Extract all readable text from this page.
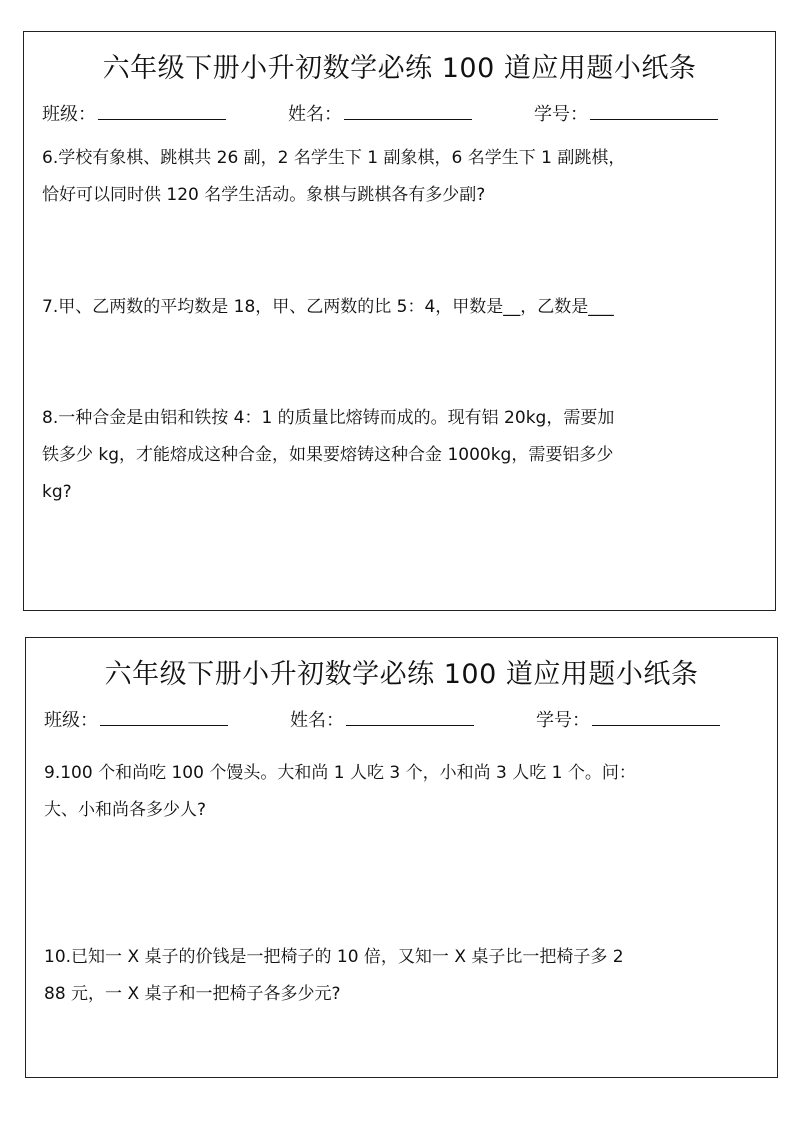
六年级下册小升初数学必练 100 道应用题小纸条
班级：	姓名：	学号：
6.学校有象棋、跳棋共 26 副，2 名学生下 1 副象棋，6 名学生下 1 副跳棋，
恰好可以同时供 120 名学生活动。象棋与跳棋各有多少副?
7.甲、乙两数的平均数是 18，甲、乙两数的比 5：4，甲数是__，乙数是___
8.一种合金是由铝和铁按 4：1 的质量比熔铸而成的。现有铝 20kg，需要加
铁多少 kg，才能熔成这种合金，如果要熔铸这种合金 1000kg，需要铝多少
kg?
六年级下册小升初数学必练 100 道应用题小纸条
班级：	姓名：	学号：
9.100 个和尚吃 100 个馒头。大和尚 1 人吃 3 个，小和尚 3 人吃 1 个。问：
大、小和尚各多少人?
10.已知一 X 桌子的价钱是一把椅子的 10 倍，又知一 X 桌子比一把椅子多 2
88 元，一 X 桌子和一把椅子各多少元?
